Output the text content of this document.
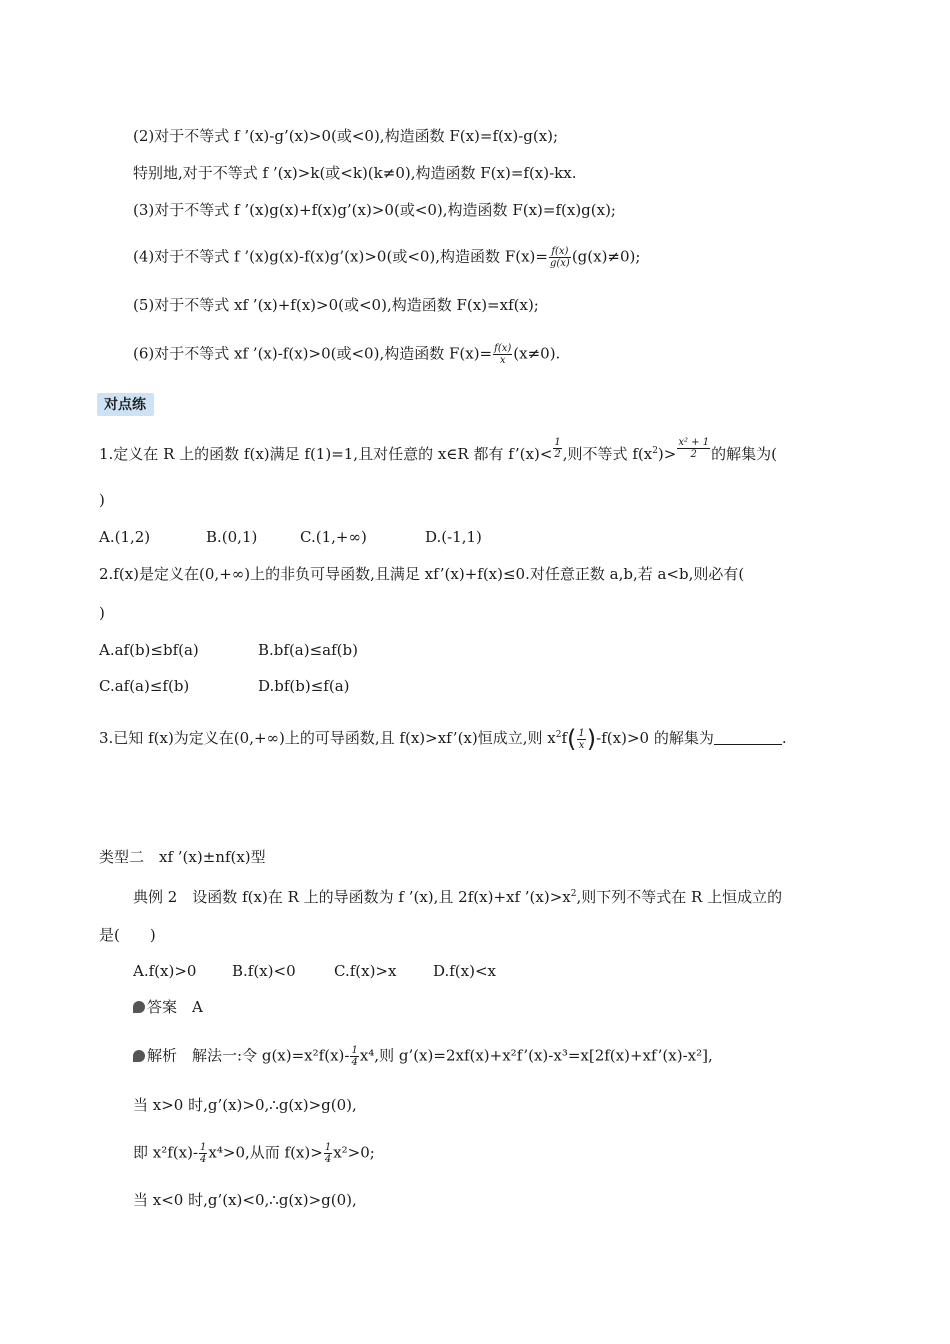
(2)对于不等式 f ’(x)-g’(x)>0(或<0),构造函数 F(x)=f(x)-g(x);
特别地,对于不等式 f ’(x)>k(或<k)(k≠0),构造函数 F(x)=f(x)-kx.
(3)对于不等式 f ’(x)g(x)+f(x)g’(x)>0(或<0),构造函数 F(x)=f(x)g(x);
(4)对于不等式 f ’(x)g(x)-f(x)g’(x)>0(或<0),构造函数 $F(x)= \frac{f(x)}{g(x)} (g(x)\ne 0)$;
(5)对于不等式 xf ’(x)+f(x)>0(或<0),构造函数 F(x)=xf(x);
(6)对于不等式 xf ’(x)-f(x)>0(或<0),构造函数 $F(x)= \frac{f(x)}{x} (x\ne 0)$.
对点练
1.定义在 R 上的函数 f(x)满足 f(1)=1,且对任意的 x∈R 都有 f’(x)< $\frac{1}{2}$ ,则不等式 $f(x^2)> \frac{\text{x² + 1}}{2}$ 的解集为(
)
A.(1,2)	B.(0,1)	C.(1,+∞)	D.(-1,1)
2.f(x)是定义在(0,+∞)上的非负可导函数,且满足 xf’(x)+f(x)≤0.对任意正数 a,b,若 a<b,则必有(
)
A.af(b)≤bf(a)	B.bf(a)≤af(b)
C.af(a)≤f(b)	D.bf(b)≤f(a)
3.已知 f(x)为定义在(0,+∞)上的可导函数,且 f(x)>xf’(x)恒成立,则 $x^2f( \frac{1}{x} )-f(x)>0$ 的解集为	.
类型二　xf ’(x)±nf(x)型
典例 2　设函数 f(x)在 R 上的导函数为 f ’(x),且 2f(x)+xf $’(x)>x^2$,则下列不等式在 R 上恒成立的
是(　　)
A.f(x)>0 B.f(x)<0	C.f(x)>x D.f(x)<x
答案　 A
解析　 解法一:令 $g(x)=x^2f(x)- \frac{1}{4} x^4$,则 g’(x)=2xf(x)+x²f’(x)-x³=x[2f(x)+xf’(x)-x²],
当 x>0 时,g’(x)>0,∴g(x)>g(0),
即 $x^2f(x)- \frac{1}{4} x^4>0$,从而 $f(x)> \frac{1}{4} x^2>0$;
当 x<0 时,g’(x)<0,∴g(x)>g(0),
